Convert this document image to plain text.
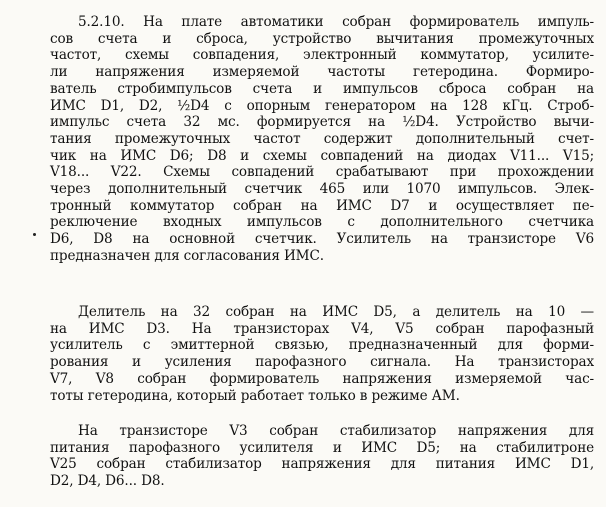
5.2.10. На плате автоматики собран формирователь импуль-
сов счета и сброса, устройство вычитания промежуточных
частот, схемы совпадения, электронный коммутатор, усилите-
ли напряжения измеряемой частоты гетеродина. Формиро-
ватель стробимпульсов счета и импульсов сброса собран на
ИМС D1, D2, ½D4 с опорным генератором на 128 кГц. Строб-
импульс счета 32 мс. формируется на ½D4. Устройство вычи-
тания промежуточных частот содержит дополнительный счет-
чик на ИМС D6; D8 и схемы совпадений на диодах V11... V15;
V18... V22. Схемы совпадений срабатывают при прохождении
через дополнительный счетчик 465 или 1070 импульсов. Элек-
тронный коммутатор собран на ИМС D7 и осуществляет пе-
реключение входных импульсов с дополнительного счетчика
D6, D8 на основной счетчик. Усилитель на транзисторе V6
предназначен для согласования ИМС.
Делитель на 32 собран на ИМС D5, а делитель на 10 —
на ИМС D3. На транзисторах V4, V5 собран парофазный
усилитель с эмиттерной связью, предназначенный для форми-
рования и усиления парофазного сигнала. На транзисторах
V7, V8 собран формирователь напряжения измеряемой час-
тоты гетеродина, который работает только в режиме АМ.
На транзисторе V3 собран стабилизатор напряжения для
питания парофазного усилителя и ИМС D5; на стабилитроне
V25 собран стабилизатор напряжения для питания ИМС D1,
D2, D4, D6... D8.
